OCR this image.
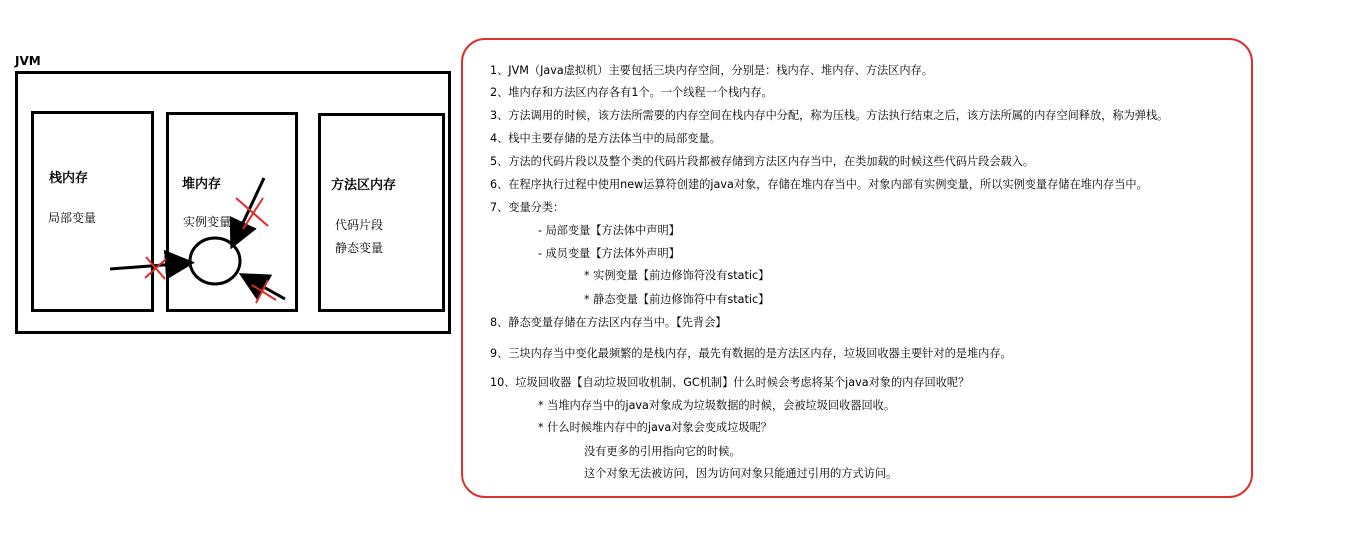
JVM
栈内存
局部变量
堆内存
实例变量
方法区内存
代码片段
静态变量
1、JVM（Java虚拟机）主要包括三块内存空间，分别是：栈内存、堆内存、方法区内存。
2、堆内存和方法区内存各有1个。一个线程一个栈内存。
3、方法调用的时候，该方法所需要的内存空间在栈内存中分配，称为压栈。方法执行结束之后，该方法所属的内存空间释放，称为弹栈。
4、栈中主要存储的是方法体当中的局部变量。
5、方法的代码片段以及整个类的代码片段都被存储到方法区内存当中，在类加载的时候这些代码片段会载入。
6、在程序执行过程中使用new运算符创建的java对象，存储在堆内存当中。对象内部有实例变量，所以实例变量存储在堆内存当中。
7、变量分类：
- 局部变量【方法体中声明】
- 成员变量【方法体外声明】
* 实例变量【前边修饰符没有static】
* 静态变量【前边修饰符中有static】
8、静态变量存储在方法区内存当中。【先背会】
9、三块内存当中变化最频繁的是栈内存，最先有数据的是方法区内存，垃圾回收器主要针对的是堆内存。
10、垃圾回收器【自动垃圾回收机制、GC机制】什么时候会考虑将某个java对象的内存回收呢？
* 当堆内存当中的java对象成为垃圾数据的时候，会被垃圾回收器回收。
* 什么时候堆内存中的java对象会变成垃圾呢？
没有更多的引用指向它的时候。
这个对象无法被访问，因为访问对象只能通过引用的方式访问。
